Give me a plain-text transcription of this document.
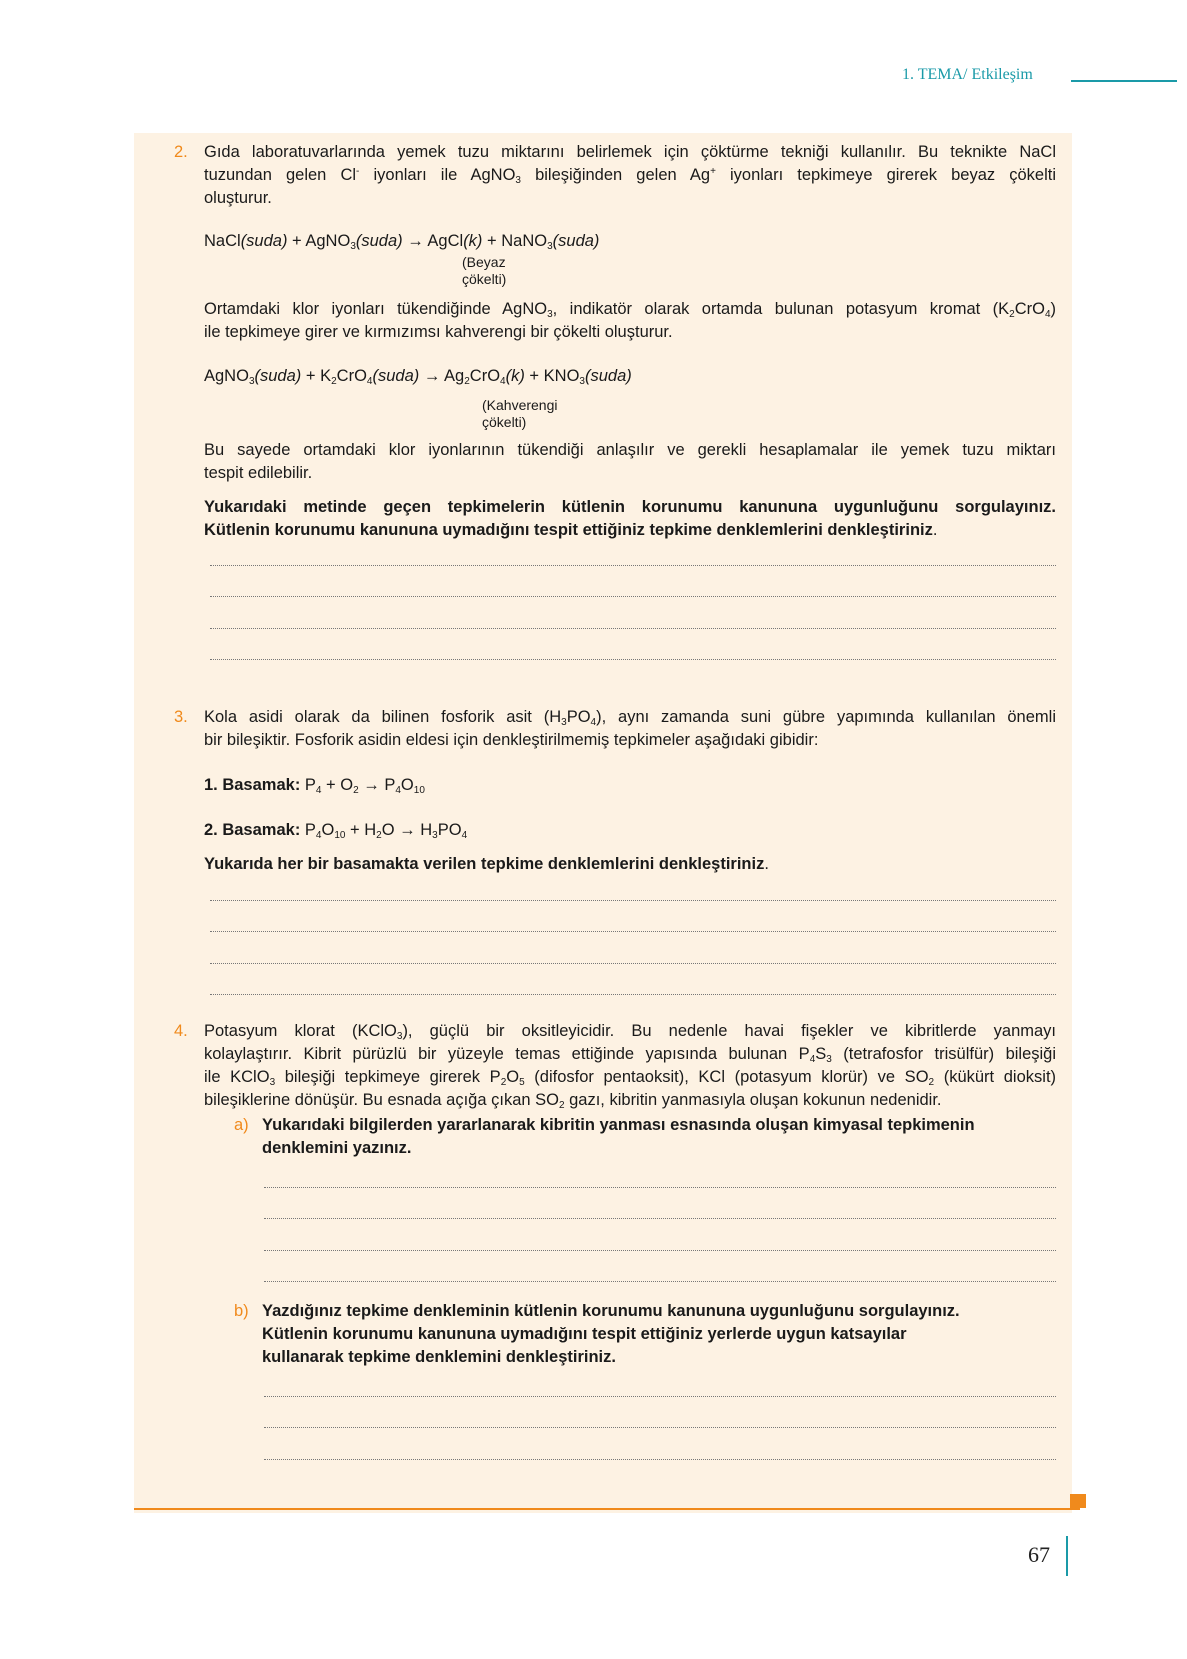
1. TEMA/ Etkileşim
2. Gıda laboratuvarlarında yemek tuzu miktarını belirlemek için çöktürme tekniği kullanılır. Bu teknikte NaCl
tuzundan gelen Cl- iyonları ile AgNO$_3$ bileşiğinden gelen Ag+ iyonları tepkimeye girerek beyaz çökelti
oluşturur.
NaCl(suda) + AgNO$_3$(suda) → AgCl(k) + NaNO$_3$(suda)
(Beyaz
çökelti)
Ortamdaki klor iyonları tükendiğinde AgNO$_3$, indikatör olarak ortamda bulunan potasyum kromat $(K_2CrO_4)$
ile tepkimeye girer ve kırmızımsı kahverengi bir çökelti oluşturur.
AgNO$_3$(suda) + $K_2CrO_4(suda) \to Ag_2CrO_4(k)$ + $KNO_3(suda)$
(Kahverengi
çökelti)
Bu sayede ortamdaki klor iyonlarının tükendiği anlaşılır ve gerekli hesaplamalar ile yemek tuzu miktarı
tespit edilebilir.
Yukarıdaki metinde geçen tepkimelerin kütlenin korunumu kanununa uygunluğunu sorgulayınız.
Kütlenin korunumu kanununa uymadığını tespit ettiğiniz tepkime denklemlerini denkleştiriniz.
3. Kola asidi olarak da bilinen fosforik asit $(H_3PO_4)$, aynı zamanda suni gübre yapımında kullanılan önemli
bir bileşiktir. Fosforik asidin eldesi için denkleştirilmemiş tepkimeler aşağıdaki gibidir:
1. Basamak: $P_4 + O_2 \to P_4O_{10}$
2. Basamak: $P_4O_{10} + H_2O \to H_3PO_4$
Yukarıda her bir basamakta verilen tepkime denklemlerini denkleştiriniz.
4. Potasyum klorat (KClO$_3$), güçlü bir oksitleyicidir. Bu nedenle havai fişekler ve kibritlerde yanmayı
kolaylaştırır. Kibrit pürüzlü bir yüzeyle temas ettiğinde yapısında bulunan $P_4S_3$ (tetrafosfor trisülfür) bileşiği
ile KClO$_3$ bileşiği tepkimeye girerek $P_2O_5$ (difosfor pentaoksit), KCl (potasyum klorür) ve $SO_2$ (kükürt dioksit)
bileşiklerine dönüşür. Bu esnada açığa çıkan $SO_2$ gazı, kibritin yanmasıyla oluşan kokunun nedenidir.
a) Yukarıdaki bilgilerden yararlanarak kibritin yanması esnasında oluşan kimyasal tepkimenin
denklemini yazınız.
b) Yazdığınız tepkime denkleminin kütlenin korunumu kanununa uygunluğunu sorgulayınız.
Kütlenin korunumu kanununa uymadığını tespit ettiğiniz yerlerde uygun katsayılar
kullanarak tepkime denklemini denkleştiriniz.
67
